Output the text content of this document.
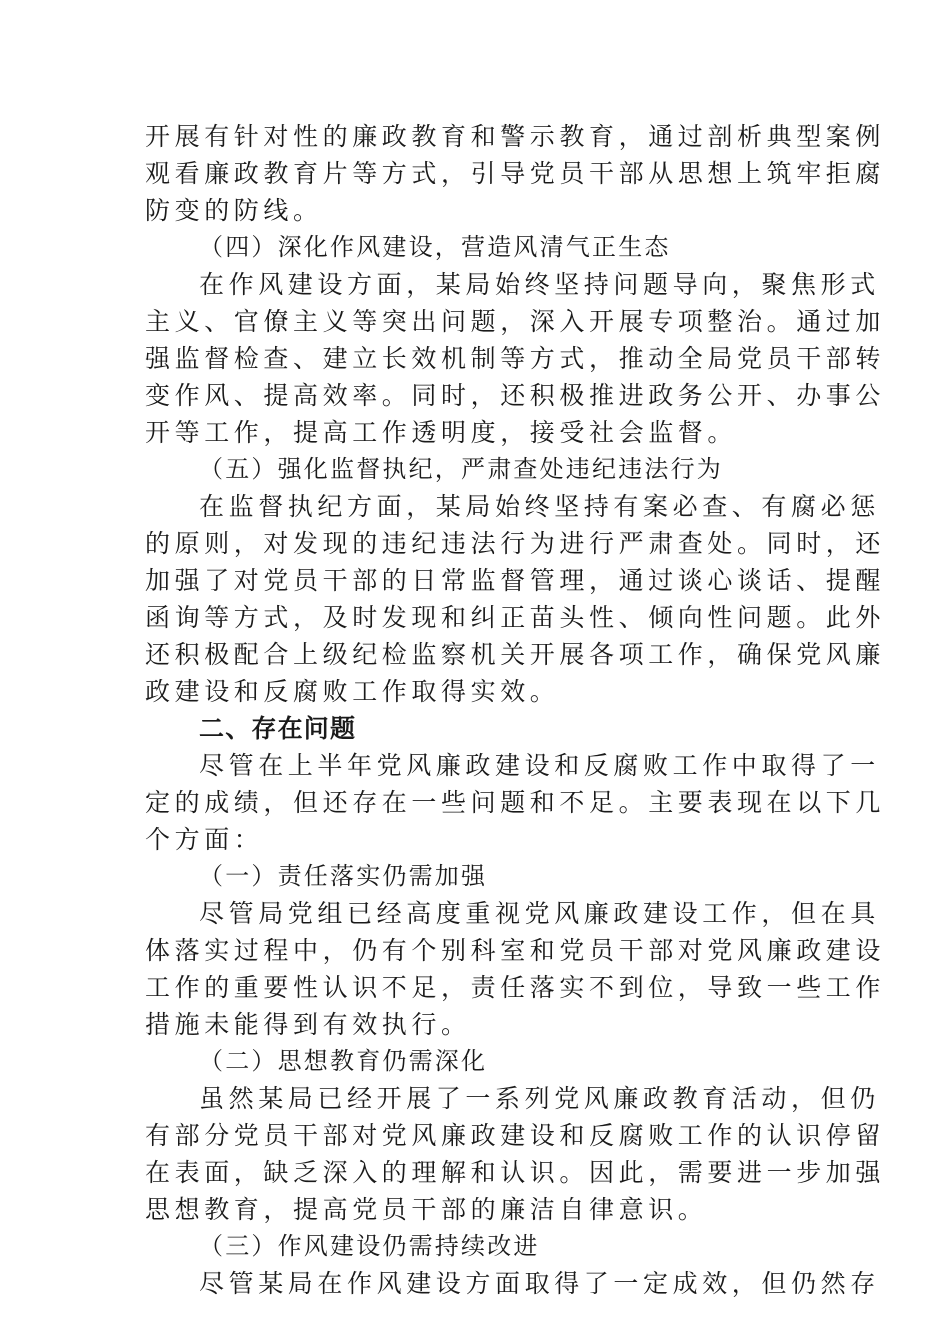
开展有针对性的廉政教育和警示教育，通过剖析典型案例
观看廉政教育片等方式，引导党员干部从思想上筑牢拒腐
防变的防线。
（四）深化作风建设，营造风清气正生态
在作风建设方面，某局始终坚持问题导向，聚焦形式
主义、官僚主义等突出问题，深入开展专项整治。通过加
强监督检查、建立长效机制等方式，推动全局党员干部转
变作风、提高效率。同时，还积极推进政务公开、办事公
开等工作，提高工作透明度，接受社会监督。
（五）强化监督执纪，严肃查处违纪违法行为
在监督执纪方面，某局始终坚持有案必查、有腐必惩
的原则，对发现的违纪违法行为进行严肃查处。同时，还
加强了对党员干部的日常监督管理，通过谈心谈话、提醒
函询等方式，及时发现和纠正苗头性、倾向性问题。此外
还积极配合上级纪检监察机关开展各项工作，确保党风廉
政建设和反腐败工作取得实效。
二、存在问题
尽管在上半年党风廉政建设和反腐败工作中取得了一
定的成绩，但还存在一些问题和不足。主要表现在以下几
个方面：
（一）责任落实仍需加强
尽管局党组已经高度重视党风廉政建设工作，但在具
体落实过程中，仍有个别科室和党员干部对党风廉政建设
工作的重要性认识不足，责任落实不到位，导致一些工作
措施未能得到有效执行。
（二）思想教育仍需深化
虽然某局已经开展了一系列党风廉政教育活动，但仍
有部分党员干部对党风廉政建设和反腐败工作的认识停留
在表面，缺乏深入的理解和认识。因此，需要进一步加强
思想教育，提高党员干部的廉洁自律意识。
（三）作风建设仍需持续改进
尽管某局在作风建设方面取得了一定成效，但仍然存
